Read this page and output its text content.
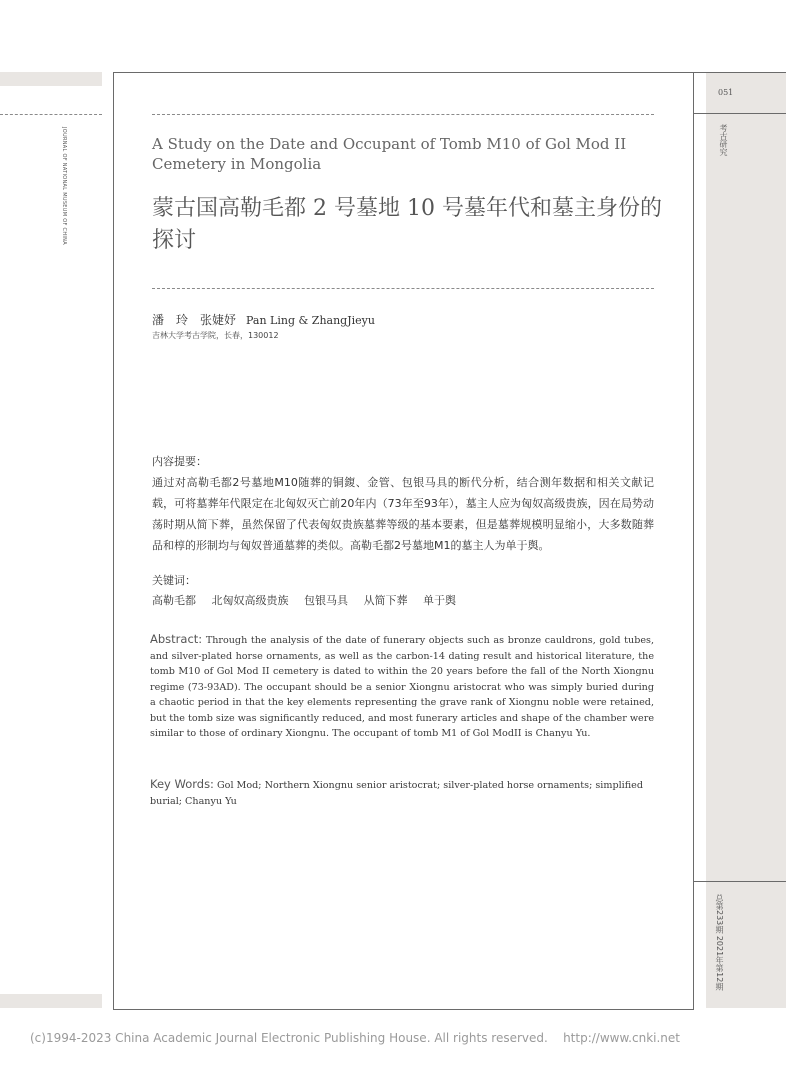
JOURNAL OF NATIONAL MUSEUM OF CHINA
051
考古研究
总第233期 2021年第12期
A Study on the Date and Occupant of Tomb M10 of Gol Mod II Cemetery in Mongolia
蒙古国高勒毛都 2 号墓地 10 号墓年代和墓主身份的探讨
潘　玲　张婕妤 Pan Ling & ZhangJieyu
吉林大学考古学院，长春，130012
内容提要：
通过对高勒毛都2号墓地M10随葬的铜鍑、金管、包银马具的断代分析，结合测年数据和相关文献记载，可将墓葬年代限定在北匈奴灭亡前20年内（73年至93年），墓主人应为匈奴高级贵族，因在局势动荡时期从简下葬，虽然保留了代表匈奴贵族墓葬等级的基本要素，但是墓葬规模明显缩小，大多数随葬品和椁的形制均与匈奴普通墓葬的类似。高勒毛都2号墓地M1的墓主人为单于舆。
关键词：
高勒毛都 北匈奴高级贵族 包银马具 从简下葬 单于舆
Abstract: Through the analysis of the date of funerary objects such as bronze cauldrons, gold tubes, and silver-plated horse ornaments, as well as the carbon-14 dating result and historical literature, the tomb M10 of Gol Mod II cemetery is dated to within the 20 years before the fall of the North Xiongnu regime (73-93AD). The occupant should be a senior Xiongnu aristocrat who was simply buried during a chaotic period in that the key elements representing the grave rank of Xiongnu noble were retained, but the tomb size was significantly reduced, and most funerary articles and shape of the chamber were similar to those of ordinary Xiongnu. The occupant of tomb M1 of Gol ModII is Chanyu Yu.
Key Words: Gol Mod; Northern Xiongnu senior aristocrat; silver-plated horse ornaments; simplified burial; Chanyu Yu
(c)1994-2023 China Academic Journal Electronic Publishing House. All rights reserved. http://www.cnki.net
